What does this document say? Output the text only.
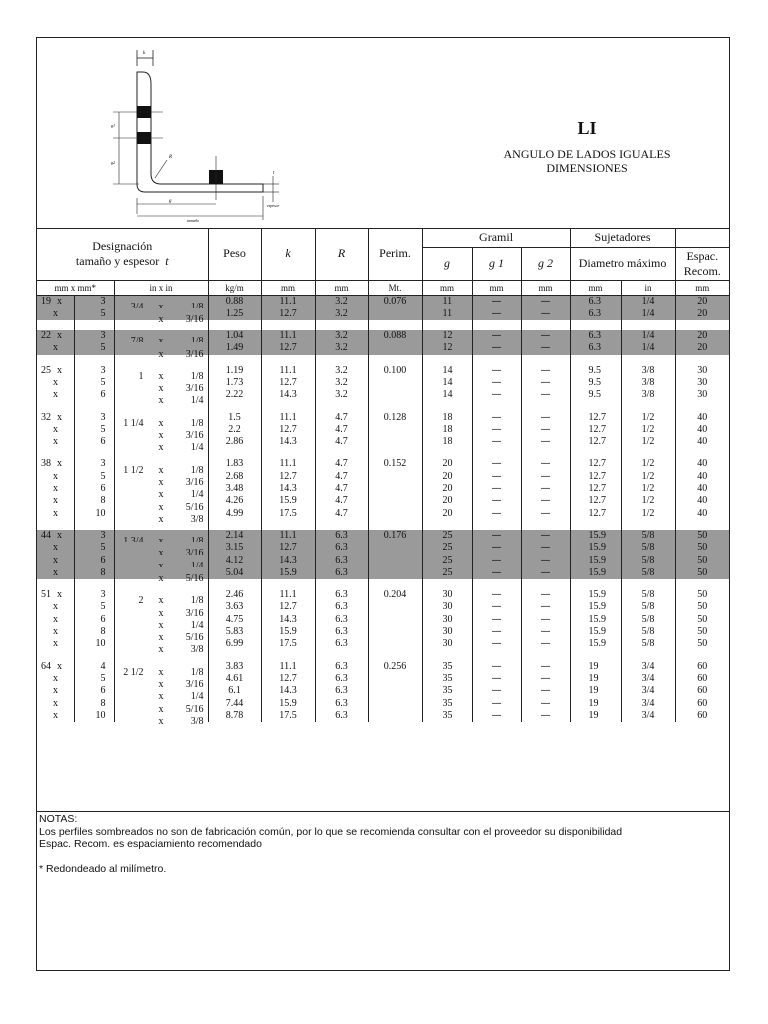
k
g1
g2
R
t
espesor
g
tamaño
LI
ANGULO DE LADOS IGUALES
DIMENSIONES
Designación
tamaño y espesor t			Peso	k	R	Perim.	Gramil			Sujetadores		
							g	g 1	g 2	Diametro máximo		Espac.
Recom.

mm x mm*		in x in	kg/m	mm	mm	Mt.	mm	mm	mm	mm	in	mm
19 x	3		0.88	11.1	3.2	0.076	11	—	—	6.3	1/4	20
x	5	x 3/16	1.25	12.7	3.2		11	—	—	6.3	1/4	20

22 x	3		1.04	11.1	3.2	0.088	12	—	—	6.3	1/4	20
x	5	x 3/16	1.49	12.7	3.2		12	—	—	6.3	1/4	20

25 x	3	1 x 1/8	1.19	11.1	3.2	0.100	14	—	—	9.5	3/8	30
x	5	x 3/16	1.73	12.7	3.2		14	—	—	9.5	3/8	30
x	6	x 1/4	2.22	14.3	3.2		14	—	—	9.5	3/8	30

32 x	3	1 1/4 x 1/8	1.5	11.1	4.7	0.128	18	—	—	12.7	1/2	40
x	5	x 3/16	2.2	12.7	4.7		18	—	—	12.7	1/2	40
x	6	x 1/4	2.86	14.3	4.7		18	—	—	12.7	1/2	40

38 x	3	1 1/2 x 1/8	1.83	11.1	4.7	0.152	20	—	—	12.7	1/2	40
x	5	x 3/16	2.68	12.7	4.7		20	—	—	12.7	1/2	40
x	6	x 1/4	3.48	14.3	4.7		20	—	—	12.7	1/2	40
x	8	x 5/16	4.26	15.9	4.7		20	—	—	12.7	1/2	40
x	10	x 3/8	4.99	17.5	4.7		20	—	—	12.7	1/2	40

44 x	3		2.14	11.1	6.3	0.176	25	—	—	15.9	5/8	50
x	5		3.15	12.7	6.3		25	—	—	15.9	5/8	50
x	6		4.12	14.3	6.3		25	—	—	15.9	5/8	50
x	8	x 5/16	5.04	15.9	6.3		25	—	—	15.9	5/8	50

51 x	3	2 x 1/8	2.46	11.1	6.3	0.204	30	—	—	15.9	5/8	50
x	5	x 3/16	3.63	12.7	6.3		30	—	—	15.9	5/8	50
x	6	x 1/4	4.75	14.3	6.3		30	—	—	15.9	5/8	50
x	8	x 5/16	5.83	15.9	6.3		30	—	—	15.9	5/8	50
x	10	x 3/8	6.99	17.5	6.3		30	—	—	15.9	5/8	50

64 x	4	2 1/2 x 1/8	3.83	11.1	6.3	0.256	35	—	—	19	3/4	60
x	5	x 3/16	4.61	12.7	6.3		35	—	—	19	3/4	60
x	6	x 1/4	6.1	14.3	6.3		35	—	—	19	3/4	60
x	8	x 5/16	7.44	15.9	6.3		35	—	—	19	3/4	60
x	10	x 3/8	8.78	17.5	6.3		35	—	—	19	3/4	60

NOTAS:

Los perfiles sombreados no son de fabricación común, por lo que se recomienda consultar con el proveedor su disponibilidad

Espac. Recom. es espaciamiento recomendado

* Redondeado al milímetro.
